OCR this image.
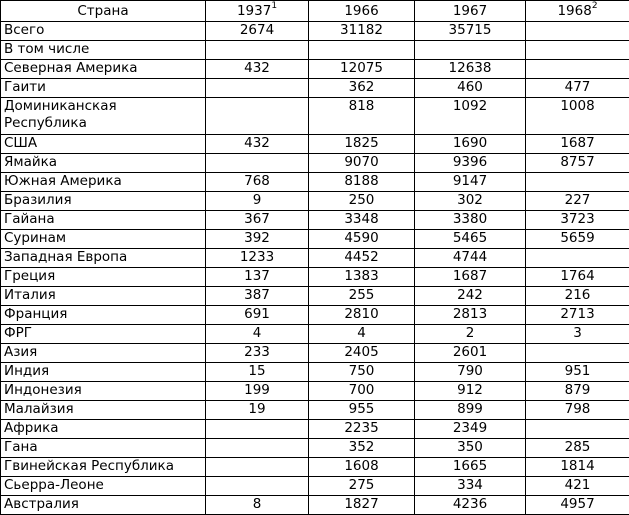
Страна	1937$^1$	1966	1967	1968$^2$
Всего	2674	31182	35715	
В том числе				
Северная Америка	432	12075	12638	
Гаити		362	460	477
Доминиканская Республика		818	1092	1008
США	432	1825	1690	1687
Ямайка		9070	9396	8757
Южная Америка	768	8188	9147	
Бразилия	9	250	302	227
Гайана	367	3348	3380	3723
Суринам	392	4590	5465	5659
Западная Европа	1233	4452	4744	
Греция	137	1383	1687	1764
Италия	387	255	242	216
Франция	691	2810	2813	2713
ФРГ	4	4	2	3
Азия	233	2405	2601	
Индия	15	750	790	951
Индонезия	199	700	912	879
Малайзия	19	955	899	798
Африка		2235	2349	
Гана		352	350	285
Гвинейская Республика		1608	1665	1814
Сьерра-Леоне		275	334	421
Австралия	8	1827	4236	4957
